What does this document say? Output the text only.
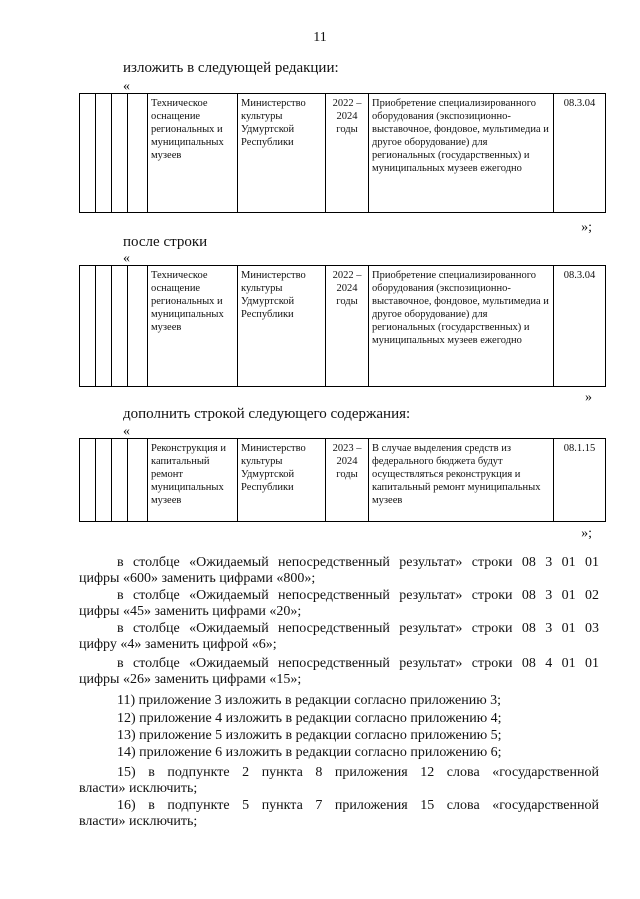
11
изложить в следующей редакции:
«
				Техническое оснащение региональных и муниципальных музеев	Министерство культуры Удмуртской Республики	2022 – 2024 годы	Приобретение специализированного оборудования (экспозиционно-выставочное, фондовое, мультимедиа и другое оборудование) для региональных (государственных) и муниципальных музеев ежегодно	08.3.04
»;
после строки
«
				Техническое оснащение региональных и муниципальных музеев	Министерство культуры Удмуртской Республики	2022 – 2024 годы	Приобретение специализированного оборудования (экспозиционно-выставочное, фондовое, мультимедиа и другое оборудование) для региональных (государственных) и муниципальных музеев ежегодно	08.3.04
»
дополнить строкой следующего содержания:
«
				Реконструкция и капитальный ремонт муниципальных музеев	Министерство культуры Удмуртской Республики	2023 – 2024 годы	В случае выделения средств из федерального бюджета будут осуществляться реконструкция и капитальный ремонт муниципальных музеев	08.1.15
»;
в столбце «Ожидаемый непосредственный результат» строки 08 3 01 01
цифры «600» заменить цифрами «800»;
в столбце «Ожидаемый непосредственный результат» строки 08 3 01 02
цифры «45» заменить цифрами «20»;
в столбце «Ожидаемый непосредственный результат» строки 08 3 01 03
цифру «4» заменить цифрой «6»;
в столбце «Ожидаемый непосредственный результат» строки 08 4 01 01
цифры «26» заменить цифрами «15»;
11) приложение 3 изложить в редакции согласно приложению 3;
12) приложение 4 изложить в редакции согласно приложению 4;
13) приложение 5 изложить в редакции согласно приложению 5;
14) приложение 6 изложить в редакции согласно приложению 6;
15) в подпункте 2 пункта 8 приложения 12 слова «государственной
власти» исключить;
16) в подпункте 5 пункта 7 приложения 15 слова «государственной
власти» исключить;
